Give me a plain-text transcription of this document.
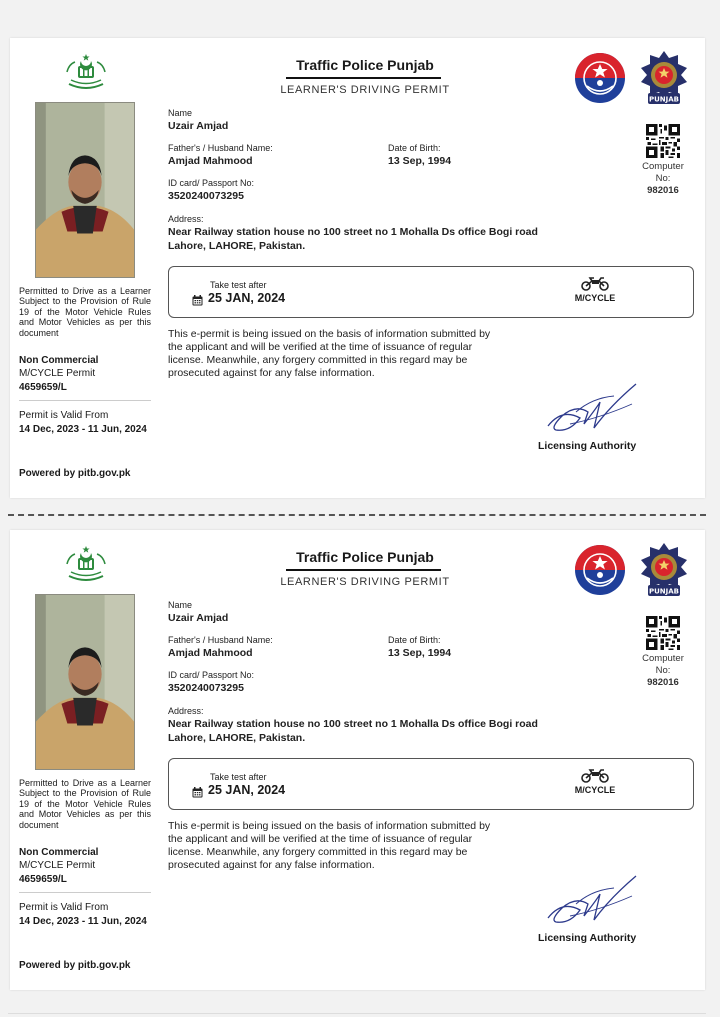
Permitted to Drive as a Learner Subject to the Provision of Rule 19 of the Motor Vehicle Rules and Motor Vehicles as per this document
Non Commercial
M/CYCLE Permit
4659659/L
Permit is Valid From
14 Dec, 2023 - 11 Jun, 2024
Powered by pitb.gov.pk
Traffic Police Punjab
LEARNER'S DRIVING PERMIT
PUNJAB
Name
Uzair Amjad
Father's / Husband Name:
Amjad Mahmood
Date of Birth:
13 Sep, 1994
ID card/ Passport No:
3520240073295
Address:
Near Railway station house no 100 street no 1 Mohalla Ds office Bogi road
Lahore, LAHORE, Pakistan.
Computer
No:
982016
Take test after
25 JAN, 2024	M/CYCLE
This e-permit is being issued on the basis of information submitted by the applicant and will be verified at the time of issuance of regular license. Meanwhile, any forgery committed in this regard may be prosecuted against for any false information.
Licensing Authority
Permitted to Drive as a Learner Subject to the Provision of Rule 19 of the Motor Vehicle Rules and Motor Vehicles as per this document
Non Commercial
M/CYCLE Permit
4659659/L
Permit is Valid From
14 Dec, 2023 - 11 Jun, 2024
Powered by pitb.gov.pk
Traffic Police Punjab
LEARNER'S DRIVING PERMIT
PUNJAB
Name
Uzair Amjad
Father's / Husband Name:
Amjad Mahmood
Date of Birth:
13 Sep, 1994
ID card/ Passport No:
3520240073295
Address:
Near Railway station house no 100 street no 1 Mohalla Ds office Bogi road
Lahore, LAHORE, Pakistan.
Computer
No:
982016
Take test after
25 JAN, 2024	M/CYCLE
This e-permit is being issued on the basis of information submitted by the applicant and will be verified at the time of issuance of regular license. Meanwhile, any forgery committed in this regard may be prosecuted against for any false information.
Licensing Authority
